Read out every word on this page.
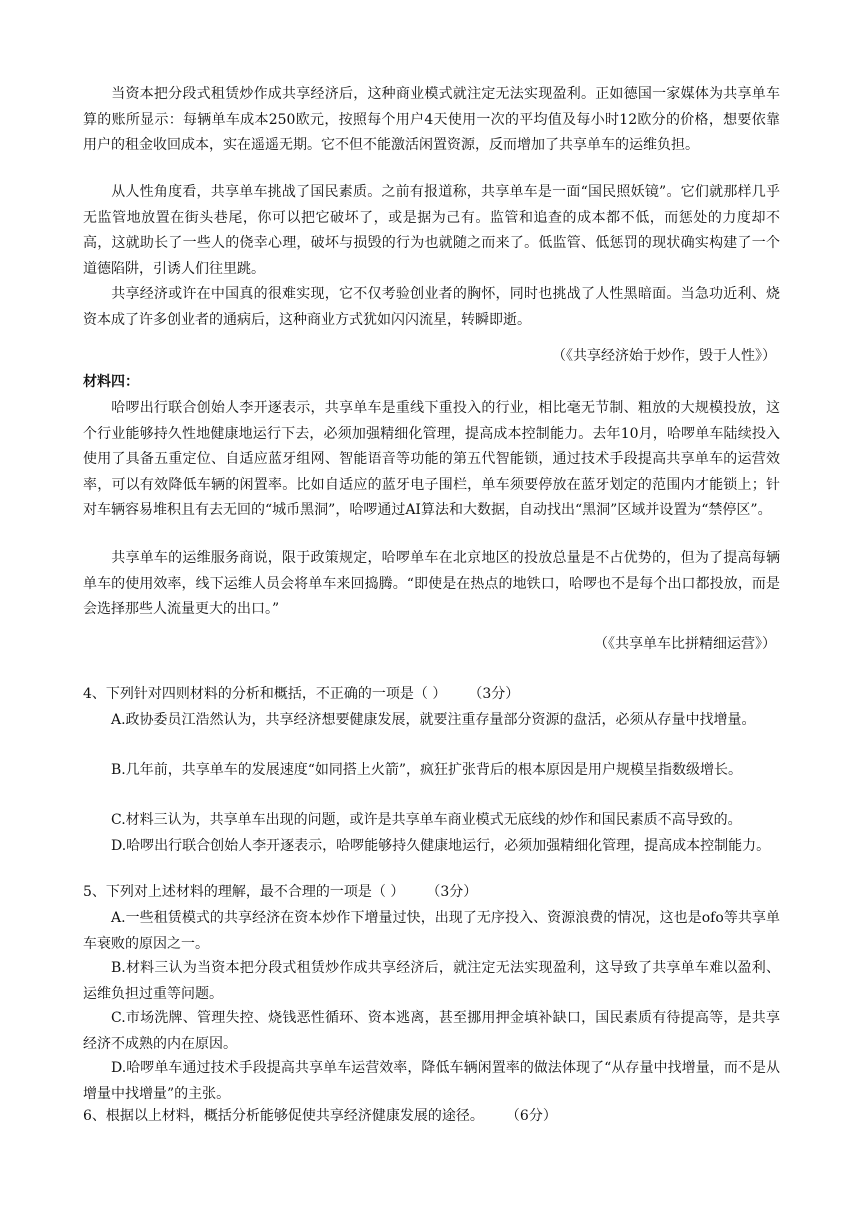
当资本把分段式租赁炒作成共享经济后，这种商业模式就注定无法实现盈利。正如德国一家媒体为共享单车算的账所显示：每辆单车成本250欧元，按照每个用户4天使用一次的平均值及每小时12欧分的价格，想要依靠用户的租金收回成本，实在遥遥无期。它不但不能激活闲置资源，反而增加了共享单车的运维负担。

从人性角度看，共享单车挑战了国民素质。之前有报道称，共享单车是一面“国民照妖镜”。它们就那样几乎无监管地放置在街头巷尾，你可以把它破坏了，或是据为己有。监管和追查的成本都不低，而惩处的力度却不高，这就助长了一些人的侥幸心理，破坏与损毁的行为也就随之而来了。低监管、低惩罚的现状确实构建了一个道德陷阱，引诱人们往里跳。

共享经济或许在中国真的很难实现，它不仅考验创业者的胸怀，同时也挑战了人性黑暗面。当急功近利、烧资本成了许多创业者的通病后，这种商业方式犹如闪闪流星，转瞬即逝。

（《共享经济始于炒作，毁于人性》）

材料四：

哈啰出行联合创始人李开逐表示，共享单车是重线下重投入的行业，相比毫无节制、粗放的大规模投放，这个行业能够持久性地健康地运行下去，必须加强精细化管理，提高成本控制能力。去年10月，哈啰单车陆续投入使用了具备五重定位、自适应蓝牙组网、智能语音等功能的第五代智能锁，通过技术手段提高共享单车的运营效率，可以有效降低车辆的闲置率。比如自适应的蓝牙电子围栏，单车须要停放在蓝牙划定的范围内才能锁上；针对车辆容易堆积且有去无回的“城币黑洞”，哈啰通过AI算法和大数据，自动找出“黑洞”区域并设置为“禁停区”。

共享单车的运维服务商说，限于政策规定，哈啰单车在北京地区的投放总量是不占优势的，但为了提高每辆单车的使用效率，线下运维人员会将单车来回捣腾。“即使是在热点的地铁口，哈啰也不是每个出口都投放，而是会选择那些人流量更大的出口。”

（《共享单车比拼精细运营》）

4、下列针对四则材料的分析和概括，不正确的一项是（ ） （3分）

A.政协委员江浩然认为，共享经济想要健康发展，就要注重存量部分资源的盘活，必须从存量中找增量。

B.几年前，共享单车的发展速度“如同搭上火箭”，疯狂扩张背后的根本原因是用户规模呈指数级增长。

C.材料三认为，共享单车出现的问题，或许是共享单车商业模式无底线的炒作和国民素质不高导致的。

D.哈啰出行联合创始人李开逐表示，哈啰能够持久健康地运行，必须加强精细化管理，提高成本控制能力。

5、下列对上述材料的理解，最不合理的一项是（ ） （3分）

A.一些租赁模式的共享经济在资本炒作下增量过快，出现了无序投入、资源浪费的情况，这也是ofo等共享单车衰败的原因之一。

B.材料三认为当资本把分段式租赁炒作成共享经济后，就注定无法实现盈利，这导致了共享单车难以盈利、运维负担过重等问题。

C.市场洗牌、管理失控、烧钱恶性循环、资本逃离，甚至挪用押金填补缺口，国民素质有待提高等，是共享经济不成熟的内在原因。

D.哈啰单车通过技术手段提高共享单车运营效率，降低车辆闲置率的做法体现了“从存量中找增量，而不是从增量中找增量”的主张。

6、根据以上材料，概括分析能够促使共享经济健康发展的途径。 （6分）
